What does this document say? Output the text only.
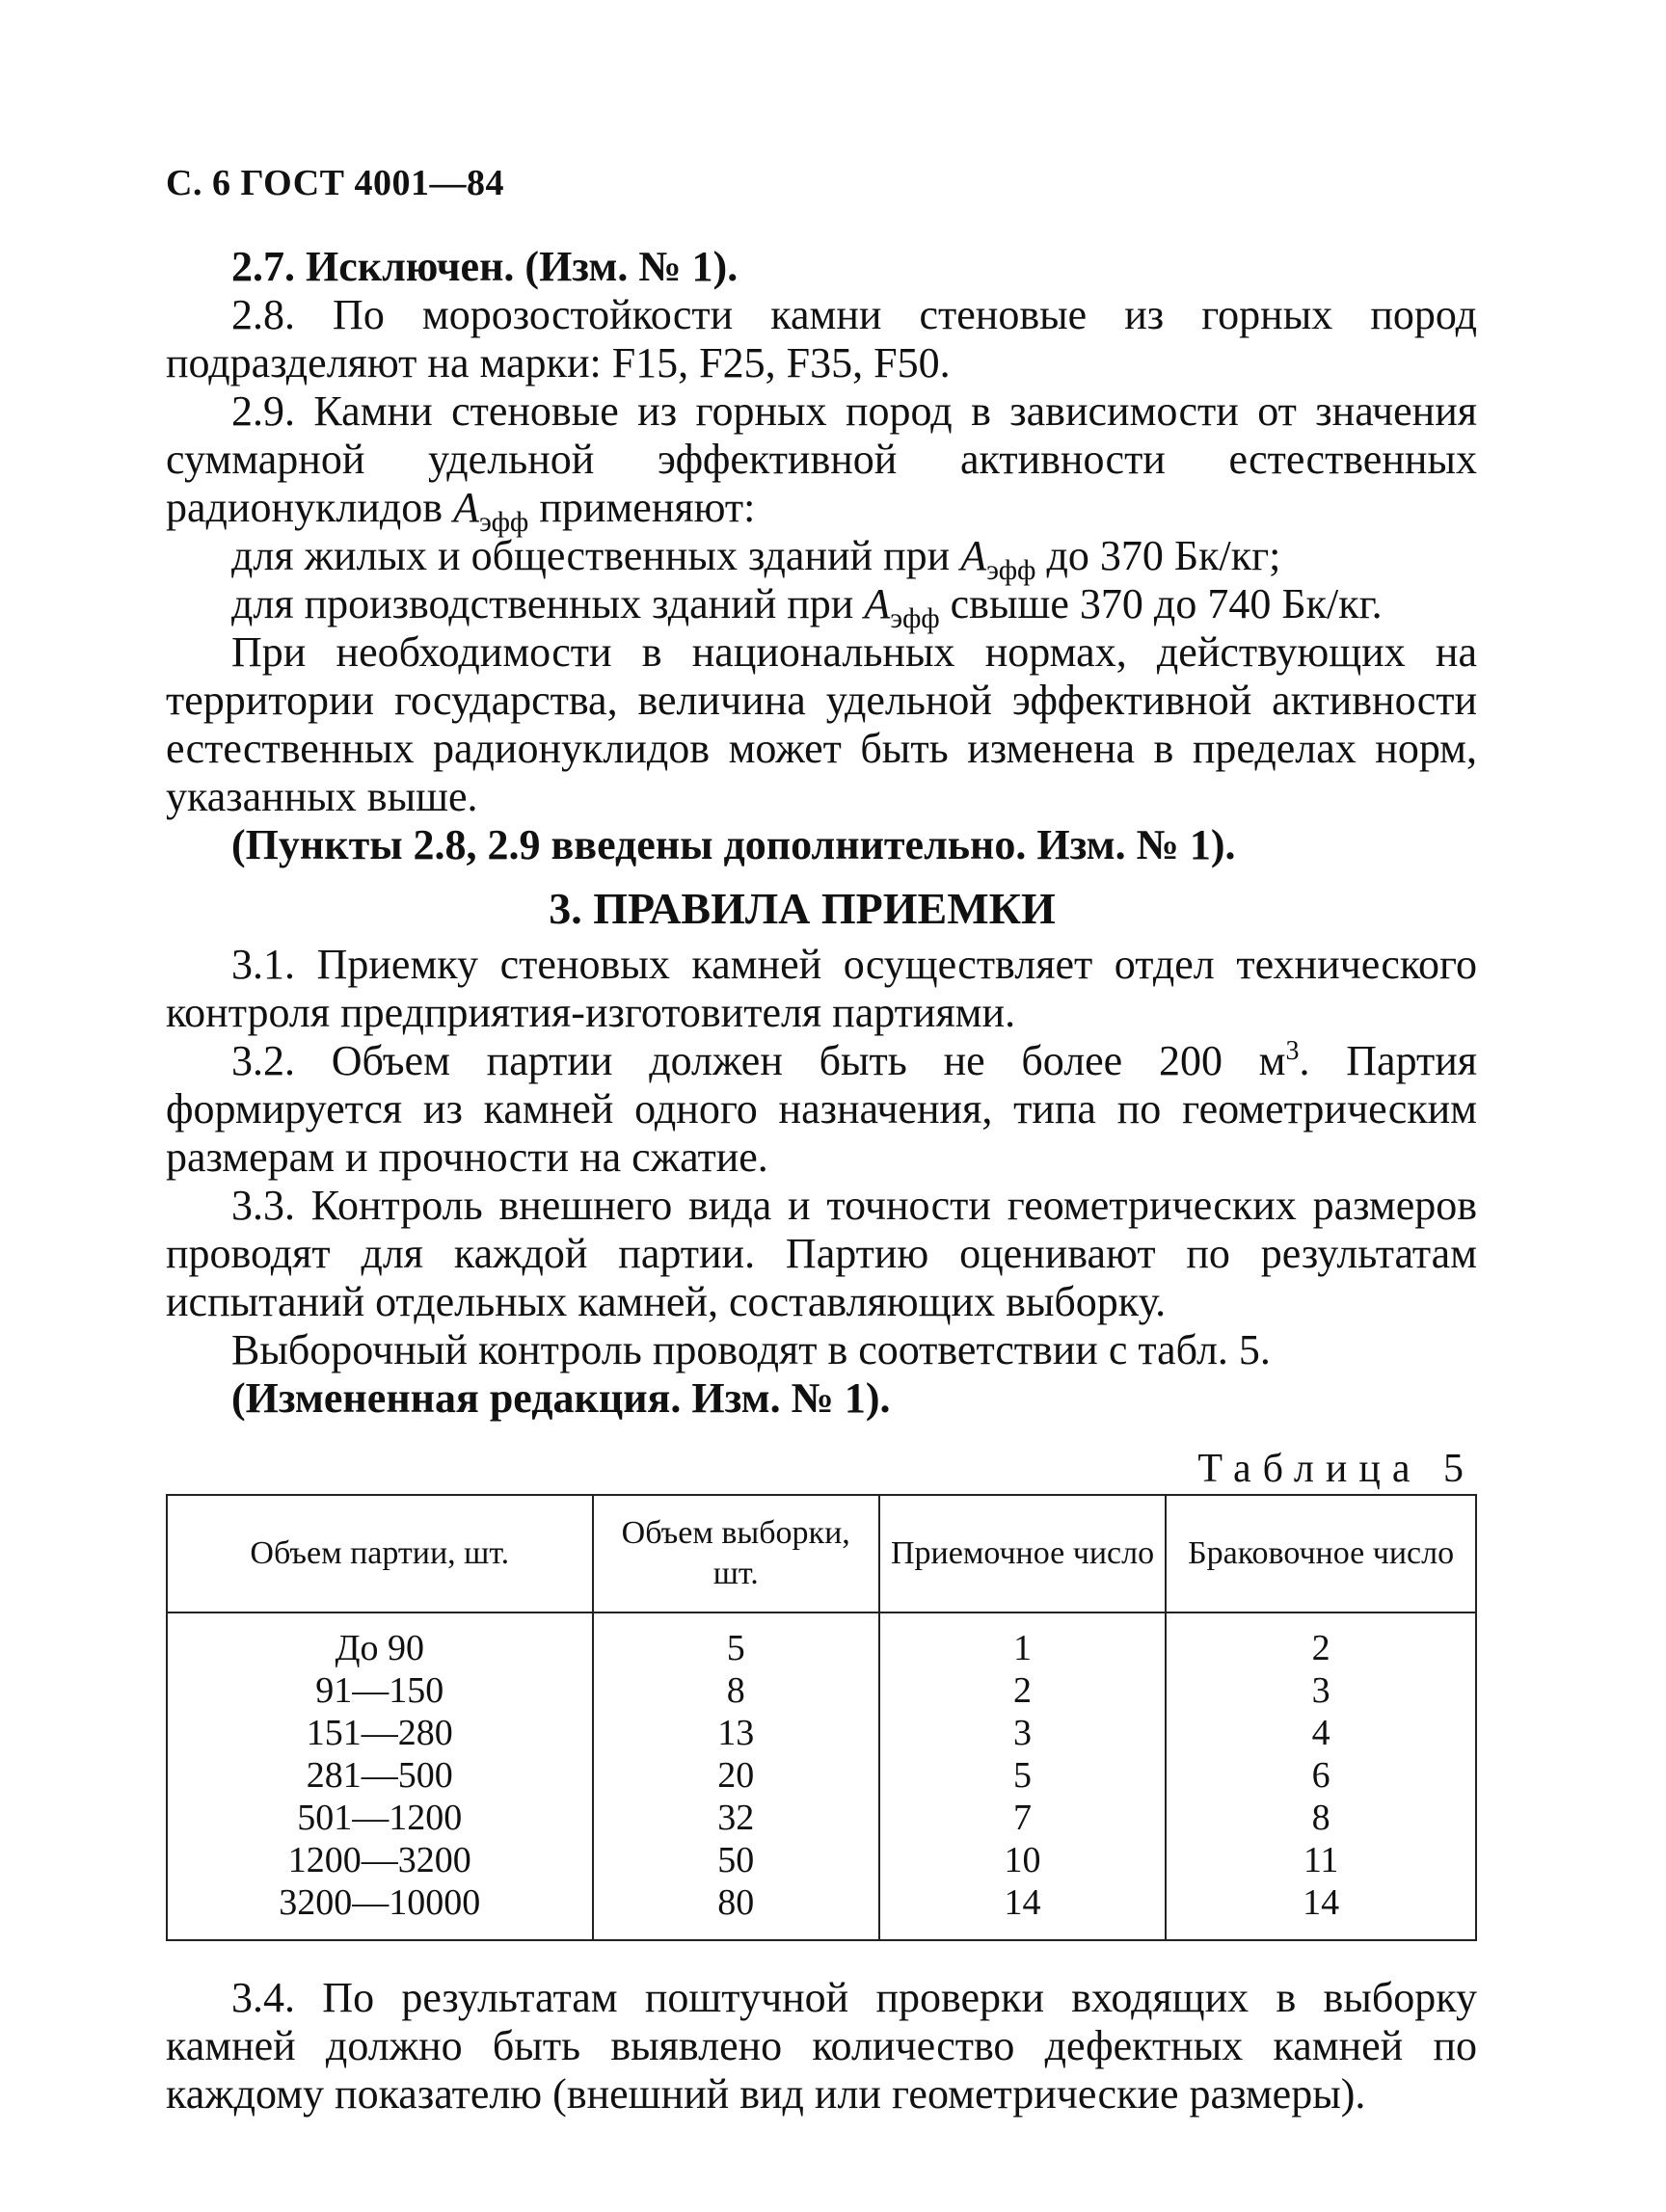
С. 6 ГОСТ 4001—84

2.7. Исключен. (Изм. № 1).

2.8. По морозостойкости камни стеновые из горных пород подразделяют на марки: F15, F25, F35, F50.

2.9. Камни стеновые из горных пород в зависимости от значения суммарной удельной эффективной активности естественных радионуклидов $A_{эфф}$ применяют:

для жилых и общественных зданий при $A_{эфф}$ до 370 Бк/кг;

для производственных зданий при $A_{эфф}$ свыше 370 до 740 Бк/кг.

При необходимости в национальных нормах, действующих на территории государства, величина удельной эффективной активности естественных радионуклидов может быть изменена в пределах норм, указанных выше.

(Пункты 2.8, 2.9 введены дополнительно. Изм. № 1).

3. ПРАВИЛА ПРИЕМКИ

3.1. Приемку стеновых камней осуществляет отдел технического контроля предприятия-изготовителя партиями.

3.2. Объем партии должен быть не более 200 $м^3$. Партия формируется из камней одного назначения, типа по геометрическим размерам и прочности на сжатие.

3.3. Контроль внешнего вида и точности геометрических размеров проводят для каждой партии. Партию оценивают по результатам испытаний отдельных камней, составляющих выборку.

Выборочный контроль проводят в соответствии с табл. 5.

(Измененная редакция. Изм. № 1).

Таблица 5
Объем партии, шт.	Объем выборки, шт.	Приемочное число	Браковочное число
До 90	5	1	2
91—150	8	2	3
151—280	13	3	4
281—500	20	5	6
501—1200	32	7	8
1200—3200	50	10	11
3200—10000	80	14	14

3.4. По результатам поштучной проверки входящих в выборку камней должно быть выявлено количество дефектных камней по каждому показателю (внешний вид или геометрические размеры).
